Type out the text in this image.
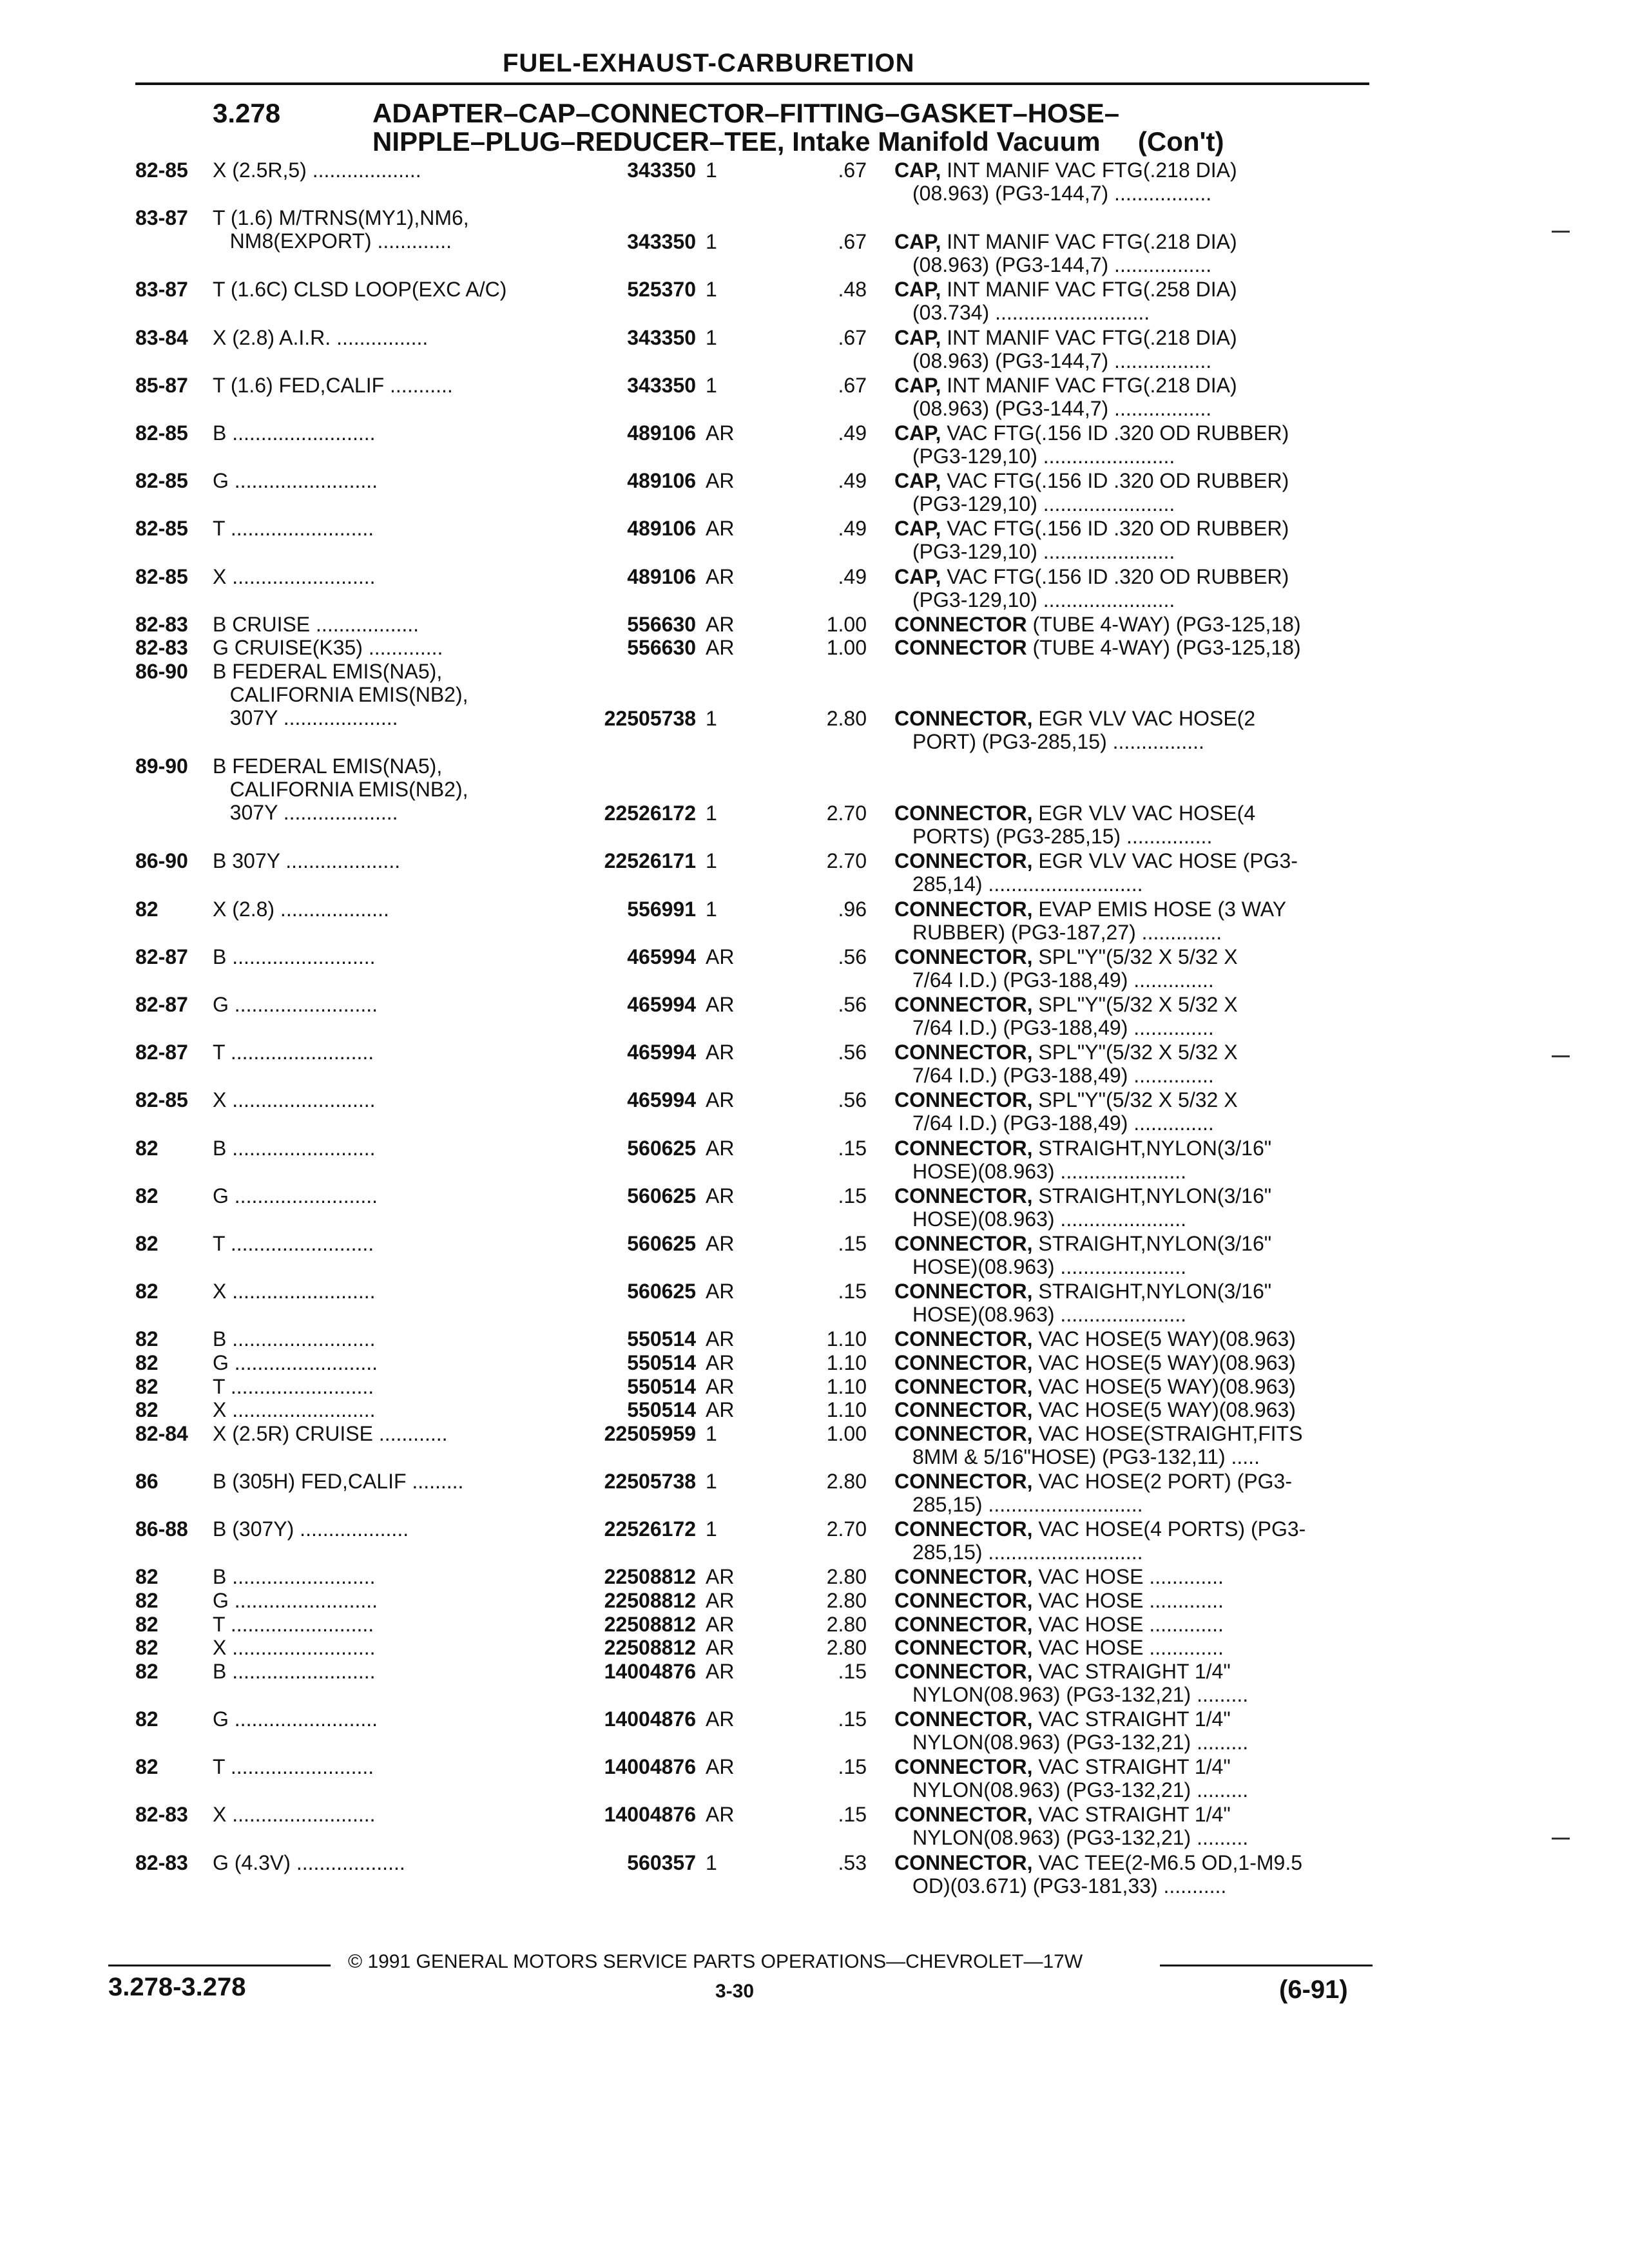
FUEL-EXHAUST-CARBURETION
3.278	ADAPTER–CAP–CONNECTOR–FITTING–GASKET–HOSE–
NIPPLE–PLUG–REDUCER–TEE, Intake Manifold Vacuum     (Con't)
82-85	X (2.5R,5) ...................	343350 1	.67 CAP, INT MANIF VAC FTG(.218 DIA)
(08.963) (PG3-144,7) .................
83-87	T (1.6) M/TRNS(MY1),NM6,
NM8(EXPORT) .............	343350 1	.67 CAP, INT MANIF VAC FTG(.218 DIA)
(08.963) (PG3-144,7) .................
83-87	T (1.6C) CLSD LOOP(EXC A/C)	525370 1	.48 CAP, INT MANIF VAC FTG(.258 DIA)
(03.734) ...........................
83-84	X (2.8) A.I.R. ................	343350 1	.67 CAP, INT MANIF VAC FTG(.218 DIA)
(08.963) (PG3-144,7) .................
85-87	T (1.6) FED,CALIF ...........	343350 1	.67 CAP, INT MANIF VAC FTG(.218 DIA)
(08.963) (PG3-144,7) .................
82-85	B .........................	489106 AR	.49 CAP, VAC FTG(.156 ID .320 OD RUBBER)
(PG3-129,10) .......................
82-85	G .........................	489106 AR	.49 CAP, VAC FTG(.156 ID .320 OD RUBBER)
(PG3-129,10) .......................
82-85	T .........................	489106 AR	.49 CAP, VAC FTG(.156 ID .320 OD RUBBER)
(PG3-129,10) .......................
82-85	X .........................	489106 AR	.49 CAP, VAC FTG(.156 ID .320 OD RUBBER)
(PG3-129,10) .......................
82-83	B CRUISE ..................	556630 AR	1.00 CONNECTOR (TUBE 4-WAY) (PG3-125,18)
82-83	G CRUISE(K35) .............	556630 AR	1.00 CONNECTOR (TUBE 4-WAY) (PG3-125,18)
86-90	B FEDERAL EMIS(NA5),
CALIFORNIA EMIS(NB2),
307Y ....................	22505738 1	2.80 CONNECTOR, EGR VLV VAC HOSE(2
PORT) (PG3-285,15) ................
89-90	B FEDERAL EMIS(NA5),
CALIFORNIA EMIS(NB2),
307Y ....................	22526172 1	2.70 CONNECTOR, EGR VLV VAC HOSE(4
PORTS) (PG3-285,15) ...............
86-90	B 307Y ....................	22526171 1	2.70 CONNECTOR, EGR VLV VAC HOSE (PG3-
285,14) ...........................
82	X (2.8) ...................	556991 1	.96 CONNECTOR, EVAP EMIS HOSE (3 WAY
RUBBER) (PG3-187,27) ..............
82-87	B .........................	465994 AR	.56 CONNECTOR, SPL"Y"(5/32 X 5/32 X
7/64 I.D.) (PG3-188,49) ..............
82-87	G .........................	465994 AR	.56 CONNECTOR, SPL"Y"(5/32 X 5/32 X
7/64 I.D.) (PG3-188,49) ..............
82-87	T .........................	465994 AR	.56 CONNECTOR, SPL"Y"(5/32 X 5/32 X
7/64 I.D.) (PG3-188,49) ..............
82-85	X .........................	465994 AR	.56 CONNECTOR, SPL"Y"(5/32 X 5/32 X
7/64 I.D.) (PG3-188,49) ..............
82	B .........................	560625 AR	.15 CONNECTOR, STRAIGHT,NYLON(3/16"
HOSE)(08.963) ......................
82	G .........................	560625 AR	.15 CONNECTOR, STRAIGHT,NYLON(3/16"
HOSE)(08.963) ......................
82	T .........................	560625 AR	.15 CONNECTOR, STRAIGHT,NYLON(3/16"
HOSE)(08.963) ......................
82	X .........................	560625 AR	.15 CONNECTOR, STRAIGHT,NYLON(3/16"
HOSE)(08.963) ......................
82	B .........................	550514 AR	1.10 CONNECTOR, VAC HOSE(5 WAY)(08.963)
82	G .........................	550514 AR	1.10 CONNECTOR, VAC HOSE(5 WAY)(08.963)
82	T .........................	550514 AR	1.10 CONNECTOR, VAC HOSE(5 WAY)(08.963)
82	X .........................	550514 AR	1.10 CONNECTOR, VAC HOSE(5 WAY)(08.963)
82-84	X (2.5R) CRUISE ............	22505959 1	1.00 CONNECTOR, VAC HOSE(STRAIGHT,FITS
8MM & 5/16"HOSE) (PG3-132,11) .....
86	B (305H) FED,CALIF .........	22505738 1	2.80 CONNECTOR, VAC HOSE(2 PORT) (PG3-
285,15) ...........................
86-88	B (307Y) ...................	22526172 1	2.70 CONNECTOR, VAC HOSE(4 PORTS) (PG3-
285,15) ...........................
82	B .........................	22508812 AR	2.80 CONNECTOR, VAC HOSE .............
82	G .........................	22508812 AR	2.80 CONNECTOR, VAC HOSE .............
82	T .........................	22508812 AR	2.80 CONNECTOR, VAC HOSE .............
82	X .........................	22508812 AR	2.80 CONNECTOR, VAC HOSE .............
82	B .........................	14004876 AR	.15 CONNECTOR, VAC STRAIGHT 1/4"
NYLON(08.963) (PG3-132,21) .........
82	G .........................	14004876 AR	.15 CONNECTOR, VAC STRAIGHT 1/4"
NYLON(08.963) (PG3-132,21) .........
82	T .........................	14004876 AR	.15 CONNECTOR, VAC STRAIGHT 1/4"
NYLON(08.963) (PG3-132,21) .........
82-83	X .........................	14004876 AR	.15 CONNECTOR, VAC STRAIGHT 1/4"
NYLON(08.963) (PG3-132,21) .........
82-83	G (4.3V) ...................	560357 1	.53 CONNECTOR, VAC TEE(2-M6.5 OD,1-M9.5
OD)(03.671) (PG3-181,33) ...........
© 1991 GENERAL MOTORS SERVICE PARTS OPERATIONS—CHEVROLET—17W
3.278-3.278	3-30	(6-91)
